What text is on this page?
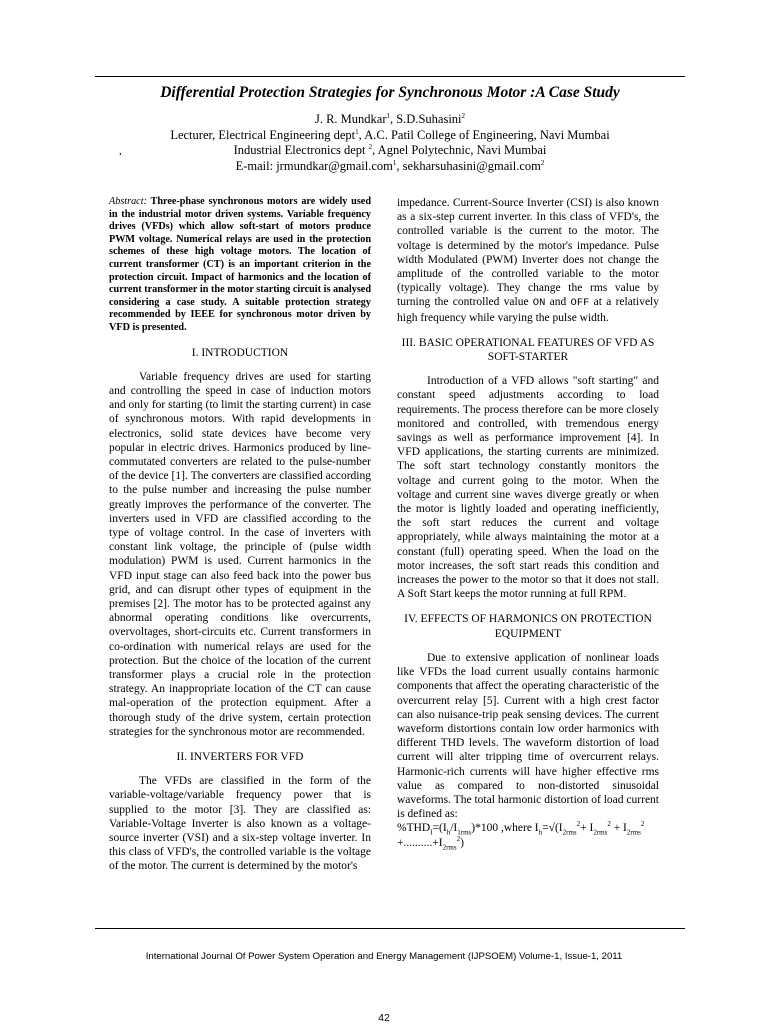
Differential Protection Strategies for Synchronous Motor :A Case Study
J. R. Mundkar$^1$, S.D.Suhasini$^2$
Lecturer, Electrical Engineering dept$^1$, A.C. Patil College of Engineering, Navi Mumbai
Industrial Electronics dept $^2$, Agnel Polytechnic, Navi Mumbai
E-mail: jrmundkar@gmail.com$^1$, sekharsuhasini@gmail.com$^2$
,

Abstract: Three-phase synchronous motors are widely used in the industrial motor driven systems. Variable frequency drives (VFDs) which allow soft-start of motors produce PWM voltage. Numerical relays are used in the protection schemes of these high voltage motors. The location of current transformer (CT) is an important criterion in the protection circuit. Impact of harmonics and the location of current transformer in the motor starting circuit is analysed considering a case study. A suitable protection strategy recommended by IEEE for synchronous motor driven by VFD is presented.

I. INTRODUCTION

Variable frequency drives are used for starting and controlling the speed in case of induction motors and only for starting (to limit the starting current) in case of synchronous motors. With rapid developments in electronics, solid state devices have become very popular in electric drives. Harmonics produced by line-commutated converters are related to the pulse-number of the device [1]. The converters are classified according to the pulse number and increasing the pulse number greatly improves the performance of the converter. The inverters used in VFD are classified according to the type of voltage control. In the case of inverters with constant link voltage, the principle of (pulse width modulation) PWM is used. Current harmonics in the VFD input stage can also feed back into the power bus grid, and can disrupt other types of equipment in the premises [2]. The motor has to be protected against any abnormal operating conditions like overcurrents, overvoltages, short-circuits etc. Current transformers in co-ordination with numerical relays are used for the protection. But the choice of the location of the current transformer plays a crucial role in the protection strategy. An inappropriate location of the CT can cause mal-operation of the protection equipment. After a thorough study of the drive system, certain protection strategies for the synchronous motor are recommended.

II. INVERTERS FOR VFD

The VFDs are classified in the form of the variable-voltage/variable frequency power that is supplied to the motor [3]. They are classified as: Variable-Voltage Inverter is also known as a voltage-source inverter (VSI) and a six-step voltage inverter. In this class of VFD's, the controlled variable is the voltage of the motor. The current is determined by the motor's

impedance. Current-Source Inverter (CSI) is also known as a six-step current inverter. In this class of VFD's, the controlled variable is the current to the motor. The voltage is determined by the motor's impedance. Pulse width Modulated (PWM) Inverter does not change the amplitude of the controlled variable to the motor (typically voltage). They change the rms value by turning the controlled value ON and OFF at a relatively high frequency while varying the pulse width.

III. BASIC OPERATIONAL FEATURES OF VFD AS SOFT-STARTER

Introduction of a VFD allows "soft starting" and constant speed adjustments according to load requirements. The process therefore can be more closely monitored and controlled, with tremendous energy savings as well as performance improvement [4]. In VFD applications, the starting currents are minimized. The soft start technology constantly monitors the voltage and current going to the motor. When the voltage and current sine waves diverge greatly or when the motor is lightly loaded and operating inefficiently, the soft start reduces the current and voltage appropriately, while always maintaining the motor at a constant (full) operating speed. When the load on the motor increases, the soft start reads this condition and increases the power to the motor so that it does not stall. A Soft Start keeps the motor running at full RPM.

IV. EFFECTS OF HARMONICS ON PROTECTION EQUIPMENT

Due to extensive application of nonlinear loads like VFDs the load current usually contains harmonic components that affect the operating characteristic of the overcurrent relay [5]. Current with a high crest factor can also nuisance-trip peak sensing devices. The current waveform distortions contain low order harmonics with different THD levels. The waveform distortion of load current will alter tripping time of overcurrent relays. Harmonic-rich currents will have higher effective rms value as compared to non-distorted sinusoidal waveforms. The total harmonic distortion of load current is defined as:

$\%THD_I=(I_h/I_{1rms})*100$ ,where $I_h=√(I_{2rms}^2+ I_{2rms}^2 + I_{2rms}^2$
$+..........+I_{2rms}^2$)

International Journal Of Power System Operation and Energy Management (IJPSOEM) Volume-1, Issue-1, 2011
42
